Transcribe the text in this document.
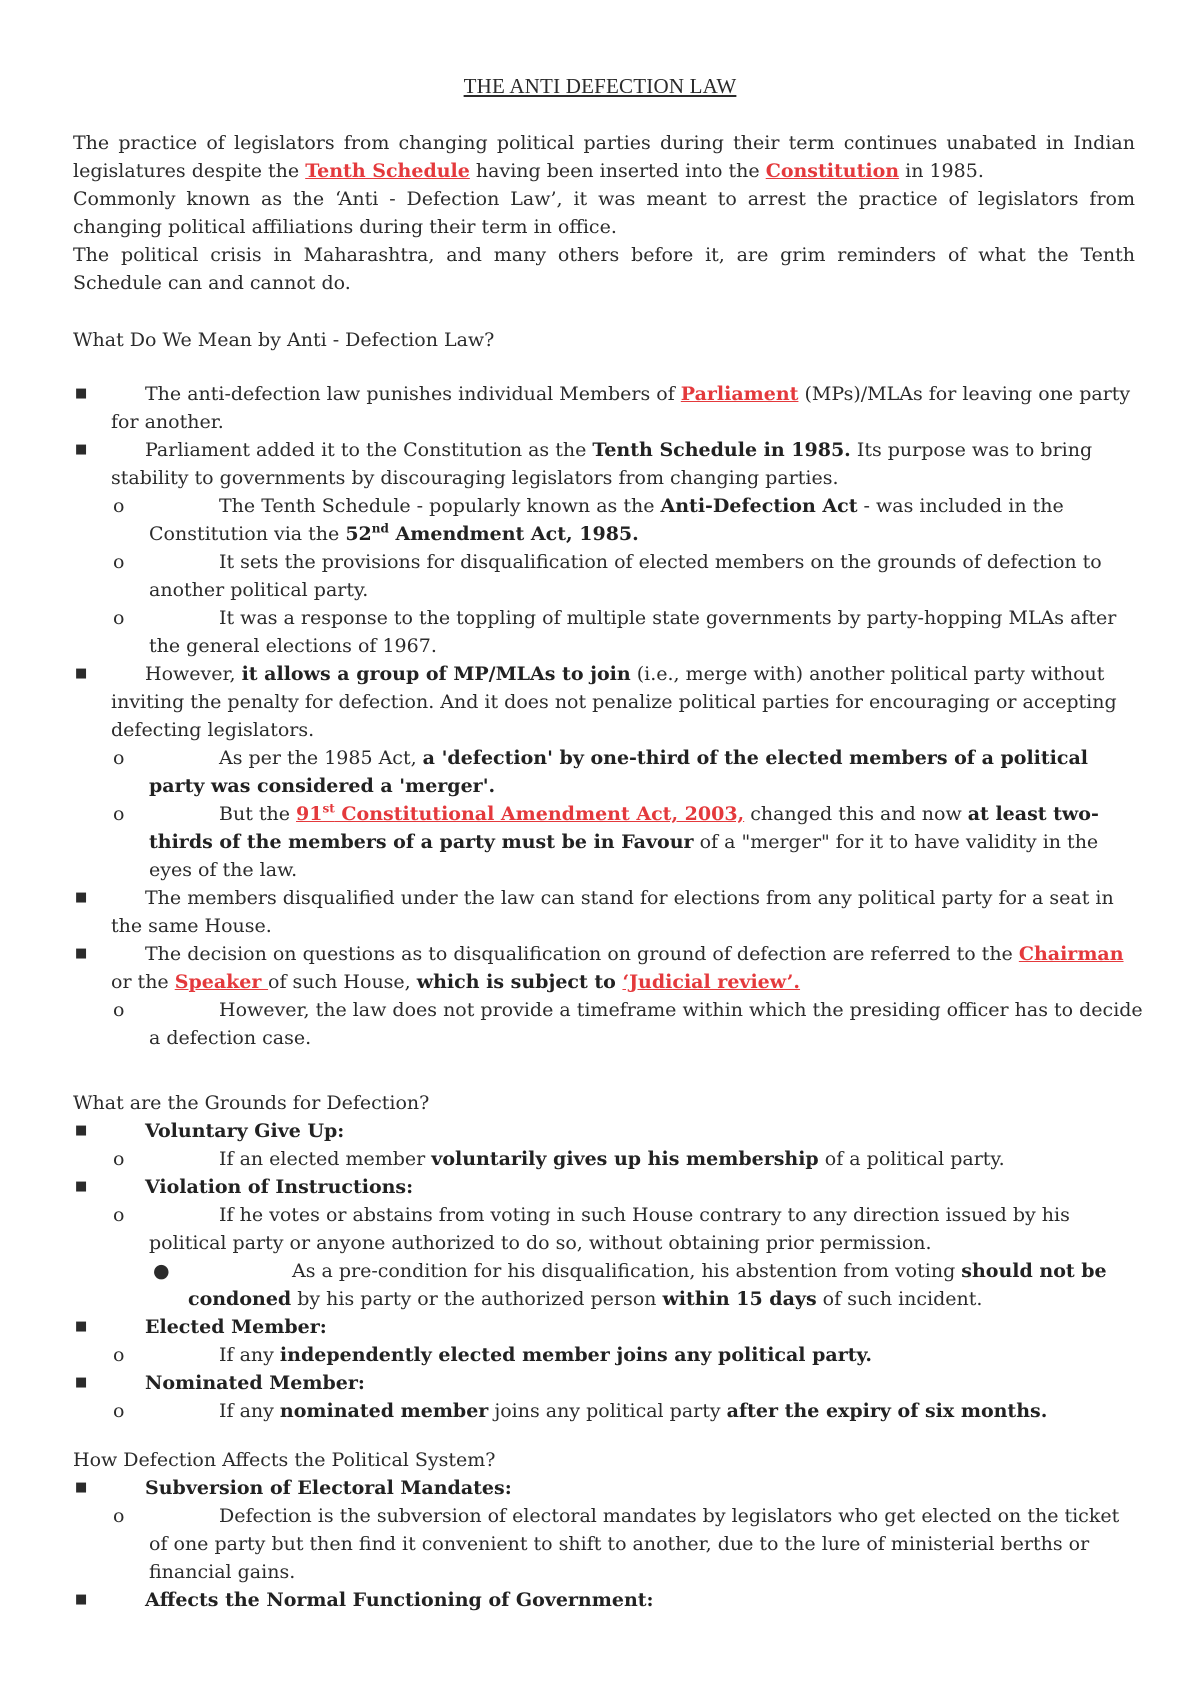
THE ANTI DEFECTION LAW

The practice of legislators from changing political parties during their term continues unabated in Indian legislatures despite the Tenth Schedule having been inserted into the Constitution in 1985.

Commonly known as the ‘Anti - Defection Law’, it was meant to arrest the practice of legislators from changing political affiliations during their term in office.

The political crisis in Maharashtra, and many others before it, are grim reminders of what the Tenth Schedule can and cannot do.

What Do We Mean by Anti - Defection Law?

■	The anti-defection law punishes individual Members of Parliament (MPs)/MLAs for leaving one party for another.
■	Parliament added it to the Constitution as the Tenth Schedule in 1985. Its purpose was to bring stability to governments by discouraging legislators from changing parties.
o	The Tenth Schedule - popularly known as the Anti-Defection Act - was included in the Constitution via the 52nd Amendment Act, 1985.
o	It sets the provisions for disqualification of elected members on the grounds of defection to another political party.
o	It was a response to the toppling of multiple state governments by party-hopping MLAs after the general elections of 1967.
■	However, it allows a group of MP/MLAs to join (i.e., merge with) another political party without inviting the penalty for defection. And it does not penalize political parties for encouraging or accepting defecting legislators.
o	As per the 1985 Act, a 'defection' by one-third of the elected members of a political party was considered a 'merger'.
o	But the 91st Constitutional Amendment Act, 2003, changed this and now at least two-thirds of the members of a party must be in Favour of a "merger" for it to have validity in the eyes of the law.
■	The members disqualified under the law can stand for elections from any political party for a seat in the same House.
■	The decision on questions as to disqualification on ground of defection are referred to the Chairman or the Speaker of such House, which is subject to ‘Judicial review’.
o	However, the law does not provide a timeframe within which the presiding officer has to decide a defection case.

What are the Grounds for Defection?

■	Voluntary Give Up:
o	If an elected member voluntarily gives up his membership of a political party.
■	Violation of Instructions:
o	If he votes or abstains from voting in such House contrary to any direction issued by his political party or anyone authorized to do so, without obtaining prior permission.
●	As a pre-condition for his disqualification, his abstention from voting should not be condoned by his party or the authorized person within 15 days of such incident.
■	Elected Member:
o	If any independently elected member joins any political party.
■	Nominated Member:
o	If any nominated member joins any political party after the expiry of six months.

How Defection Affects the Political System?

■	Subversion of Electoral Mandates:
o	Defection is the subversion of electoral mandates by legislators who get elected on the ticket of one party but then find it convenient to shift to another, due to the lure of ministerial berths or financial gains.
■	Affects the Normal Functioning of Government:
